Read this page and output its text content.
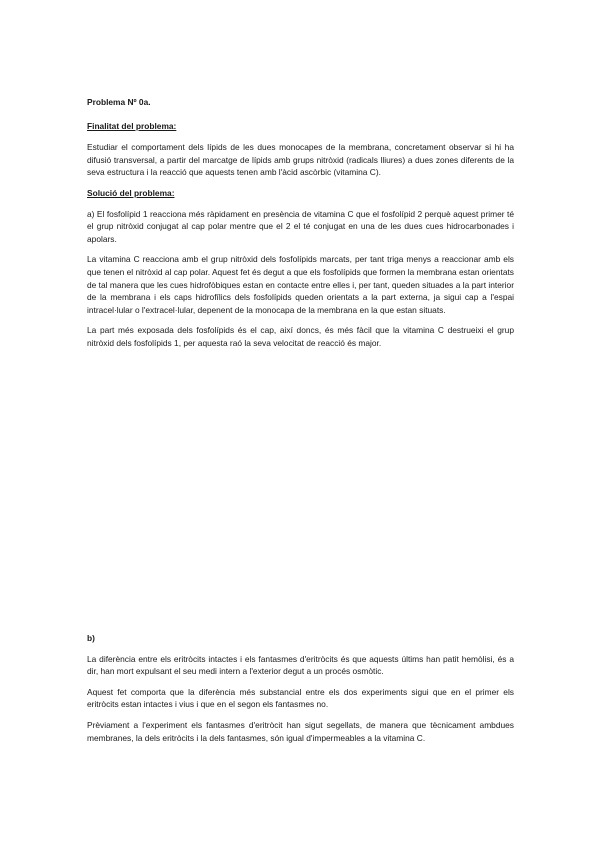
Problema Nº 0a.

Finalitat del problema:

Estudiar el comportament dels lípids de les dues monocapes de la membrana, concretament observar si hi ha difusió transversal, a partir del marcatge de lípids amb grups nitròxid (radicals lliures) a dues zones diferents de la seva estructura i la reacció que aquests tenen amb l'àcid ascòrbic (vitamina C).

Solució del problema:

a) El fosfolípid 1 reacciona més ràpidament en presència de vitamina C que el fosfolípid 2 perquè aquest primer té el grup nitròxid conjugat al cap polar mentre que el 2 el té conjugat en una de les dues cues hidrocarbonades i apolars.

La vitamina C reacciona amb el grup nitròxid dels fosfolípids marcats, per tant triga menys a reaccionar amb els que tenen el nitròxid al cap polar. Aquest fet és degut a que els fosfolípids que formen la membrana estan orientats de tal manera que les cues hidrofòbiques estan en contacte entre elles i, per tant, queden situades a la part interior de la membrana i els caps hidrofílics dels fosfolípids queden orientats a la part externa, ja sigui cap a l'espai intracel·lular o l'extracel·lular, depenent de la monocapa de la membrana en la que estan situats.

La part més exposada dels fosfolípids és el cap, així doncs, és més fàcil que la vitamina C destrueixi el grup nitròxid dels fosfolípids 1, per aquesta raó la seva velocitat de reacció és major.

b)

La diferència entre els eritròcits intactes i els fantasmes d'eritròcits és que aquests últims han patit hemòlisi, és a dir, han mort expulsant el seu medi intern a l'exterior degut a un procés osmòtic.

Aquest fet comporta que la diferència més substancial entre els dos experiments sigui que en el primer els eritròcits estan intactes i vius i que en el segon els fantasmes no.

Prèviament a l'experiment els fantasmes d'eritròcit han sigut segellats, de manera que tècnicament ambdues membranes, la dels eritròcits i la dels fantasmes, són igual d'impermeables a la vitamina C.
